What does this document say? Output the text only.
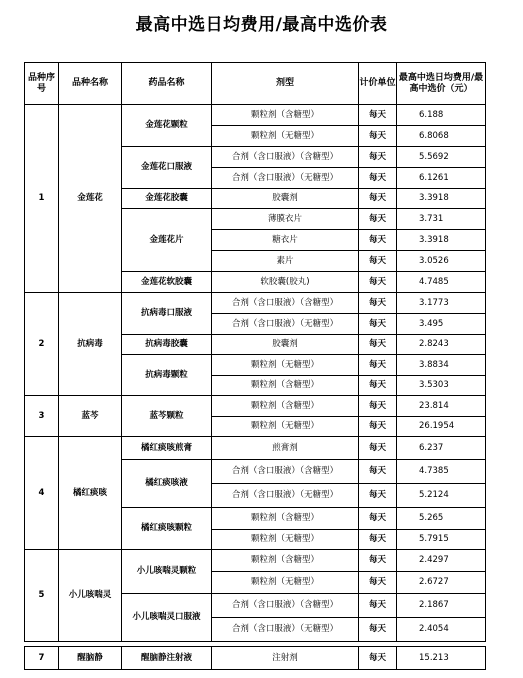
最高中选日均费用/最高中选价表
品种序号	品种名称	药品名称	剂型	计价单位	最高中选日均费用/最高中选价（元）
1	金莲花	金莲花颗粒	颗粒剂（含糖型）	每天	6.188
			颗粒剂（无糖型）	每天	6.8068
		金莲花口服液	合剂（含口服液）（含糖型）	每天	5.5692
			合剂（含口服液）（无糖型）	每天	6.1261
		金莲花胶囊	胶囊剂	每天	3.3918
		金莲花片	薄膜衣片	每天	3.731
			糖衣片	每天	3.3918
			素片	每天	3.0526
		金莲花软胶囊	软胶囊(胶丸)	每天	4.7485
2	抗病毒	抗病毒口服液	合剂（含口服液）（含糖型）	每天	3.1773
			合剂（含口服液）（无糖型）	每天	3.495
		抗病毒胶囊	胶囊剂	每天	2.8243
		抗病毒颗粒	颗粒剂（无糖型）	每天	3.8834
			颗粒剂（含糖型）	每天	3.5303
3	蓝芩	蓝芩颗粒	颗粒剂（含糖型）	每天	23.814
			颗粒剂（无糖型）	每天	26.1954
4	橘红痰咳	橘红痰咳煎膏	煎膏剂	每天	6.237
		橘红痰咳液	合剂（含口服液）（含糖型）	每天	4.7385
			合剂（含口服液）（无糖型）	每天	5.2124
		橘红痰咳颗粒	颗粒剂（含糖型）	每天	5.265
			颗粒剂（无糖型）	每天	5.7915
5	小儿咳喘灵	小儿咳喘灵颗粒	颗粒剂（含糖型）	每天	2.4297
			颗粒剂（无糖型）	每天	2.6727
		小儿咳喘灵口服液	合剂（含口服液）（含糖型）	每天	2.1867
			合剂（含口服液）（无糖型）	每天	2.4054

7	醒脑静	醒脑静注射液	注射剂	每天	15.213
